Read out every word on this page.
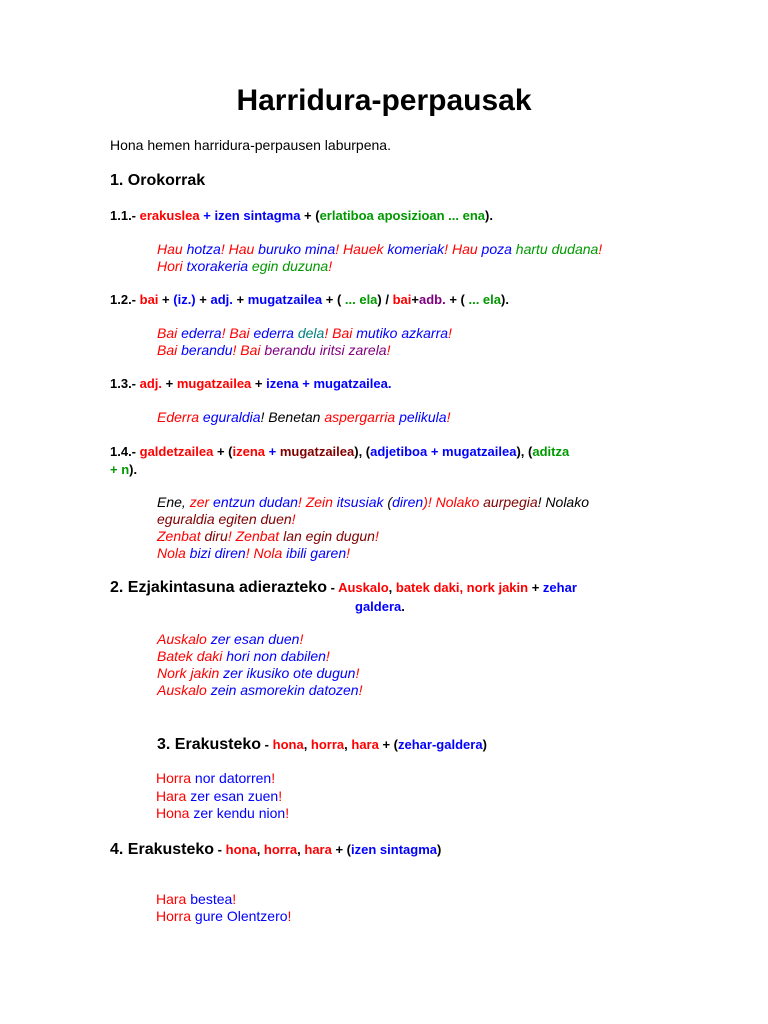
Harridura-perpausak
Hona hemen harridura-perpausen laburpena.
1. Orokorrak
1.1.- erakuslea + izen sintagma + (erlatiboa aposizioan ... ena).
Hau hotza! Hau buruko mina! Hauek komeriak! Hau poza hartu dudana!
Hori txorakeria egin duzuna!
1.2.- bai + (iz.) + adj. + mugatzailea + ( ... ela) / bai+adb. + ( ... ela).
Bai ederra! Bai ederra dela! Bai mutiko azkarra!
Bai berandu! Bai berandu iritsi zarela!
1.3.- adj. + mugatzailea + izena + mugatzailea.
Ederra eguraldia! Benetan aspergarria pelikula!
1.4.- galdetzailea + (izena + mugatzailea), (adjetiboa + mugatzailea), (aditza
+ n).
Ene, zer entzun dudan! Zein itsusiak (diren)! Nolako aurpegia! Nolako
eguraldia egiten duen!
Zenbat diru! Zenbat lan egin dugun!
Nola bizi diren! Nola ibili garen!
2. Ezjakintasuna adierazteko - Auskalo, batek daki, nork jakin + zehar
galdera.
Auskalo zer esan duen!
Batek daki hori non dabilen!
Nork jakin zer ikusiko ote dugun!
Auskalo zein asmorekin datozen!
3. Erakusteko - hona, horra, hara + (zehar-galdera)
Horra nor datorren!
Hara zer esan zuen!
Hona zer kendu nion!
4. Erakusteko - hona, horra, hara + (izen sintagma)
Hara bestea!
Horra gure Olentzero!
